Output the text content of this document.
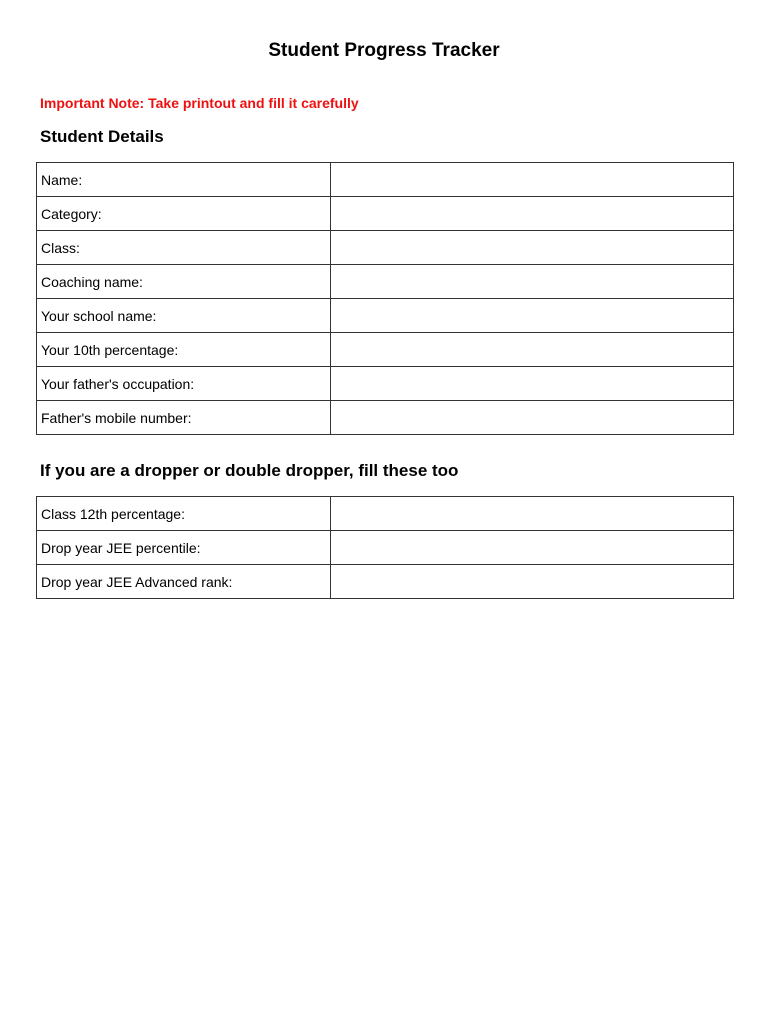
Student Progress Tracker
Important Note: Take printout and fill it carefully
Student Details
Name:	
Category:	
Class:	
Coaching name:	
Your school name:	
Your 10th percentage:	
Your father's occupation:	
Father's mobile number:	
If you are a dropper or double dropper, fill these too
Class 12th percentage:	
Drop year JEE percentile:	
Drop year JEE Advanced rank:	
